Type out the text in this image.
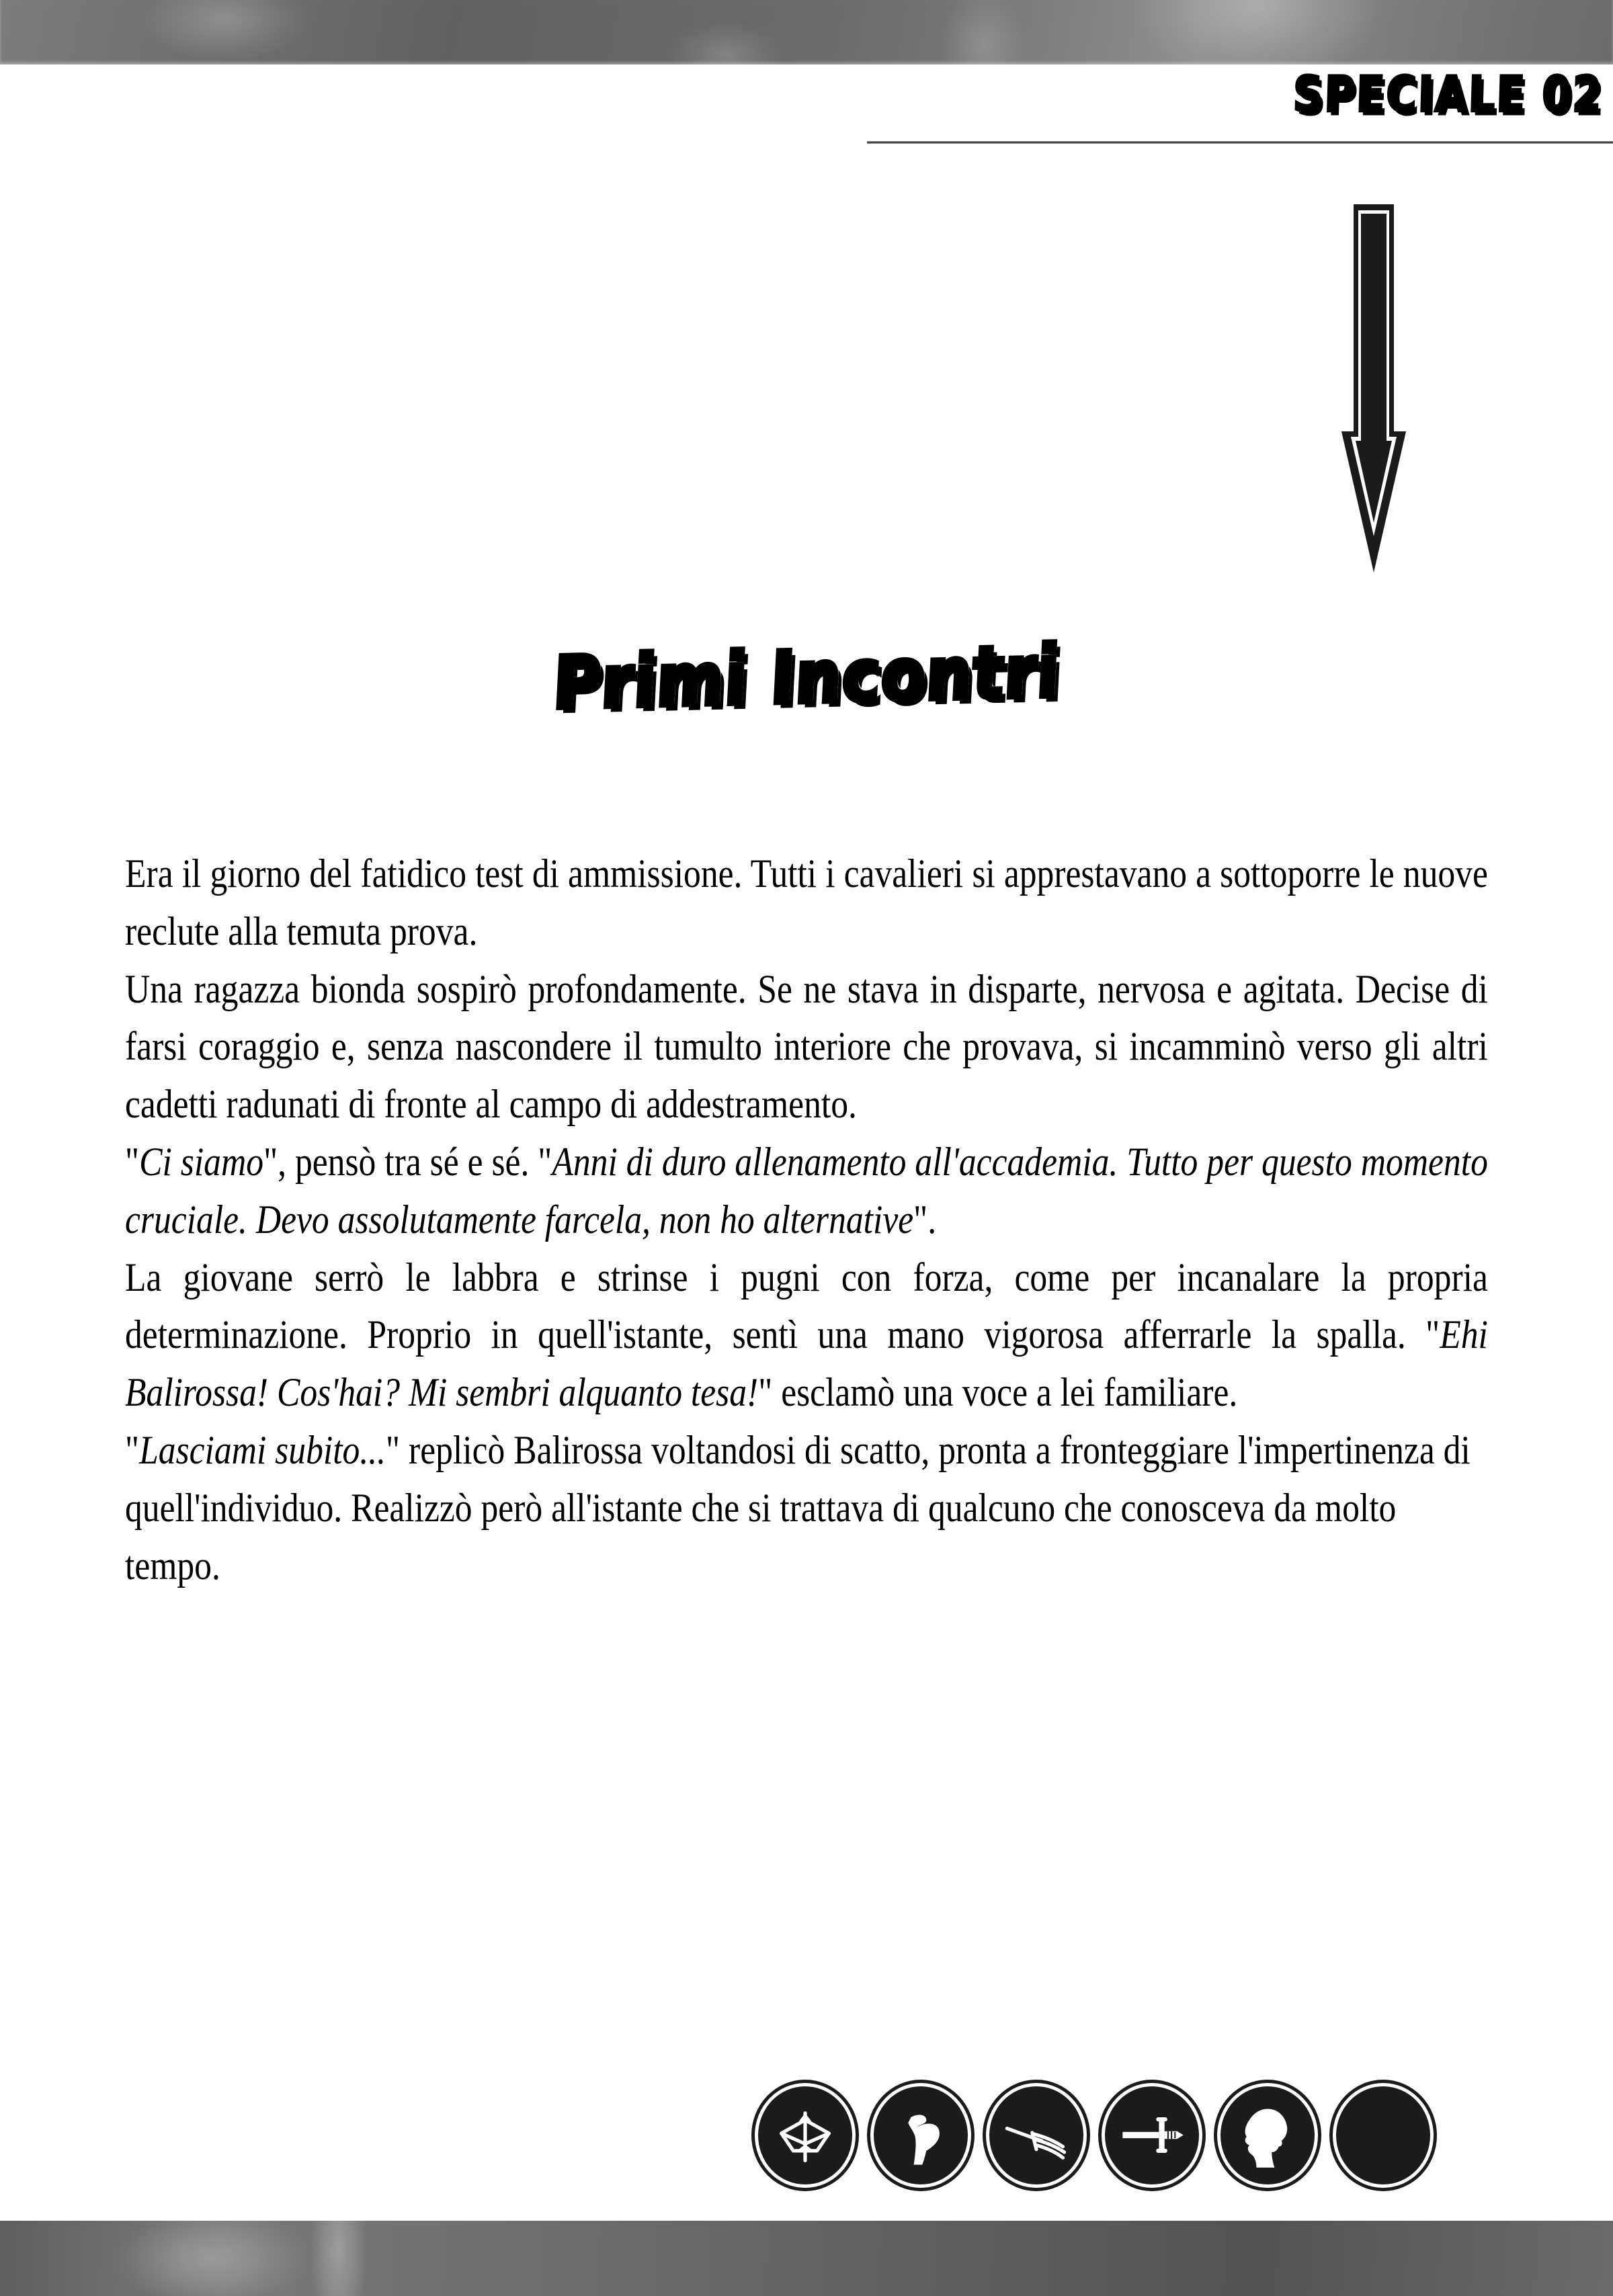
SPECIALE 02
Primi Incontri

Era il giorno del fatidico test di ammissione. Tutti i cavalieri si apprestavano a sottoporre le nuove reclute alla temuta prova.

Una ragazza bionda sospirò profondamente. Se ne stava in disparte, nervosa e agitata. Decise di farsi coraggio e, senza nascondere il tumulto interiore che provava, si incamminò verso gli altri cadetti radunati di fronte al campo di addestramento.

"Ci siamo", pensò tra sé e sé. "Anni di duro allenamento all'accademia. Tutto per questo momento cruciale. Devo assolutamente farcela, non ho alternative".

La giovane serrò le labbra e strinse i pugni con forza, come per incanalare la propria determinazione. Proprio in quell'istante, sentì una mano vigorosa afferrarle la spalla. "Ehi Balirossa! Cos'hai? Mi sembri alquanto tesa!" esclamò una voce a lei familiare.

"Lasciami subito..." replicò Balirossa voltandosi di scatto, pronta a fronteggiare l'impertinenza di quell'individuo. Realizzò però all'istante che si trattava di qualcuno che conosceva da molto tempo.
